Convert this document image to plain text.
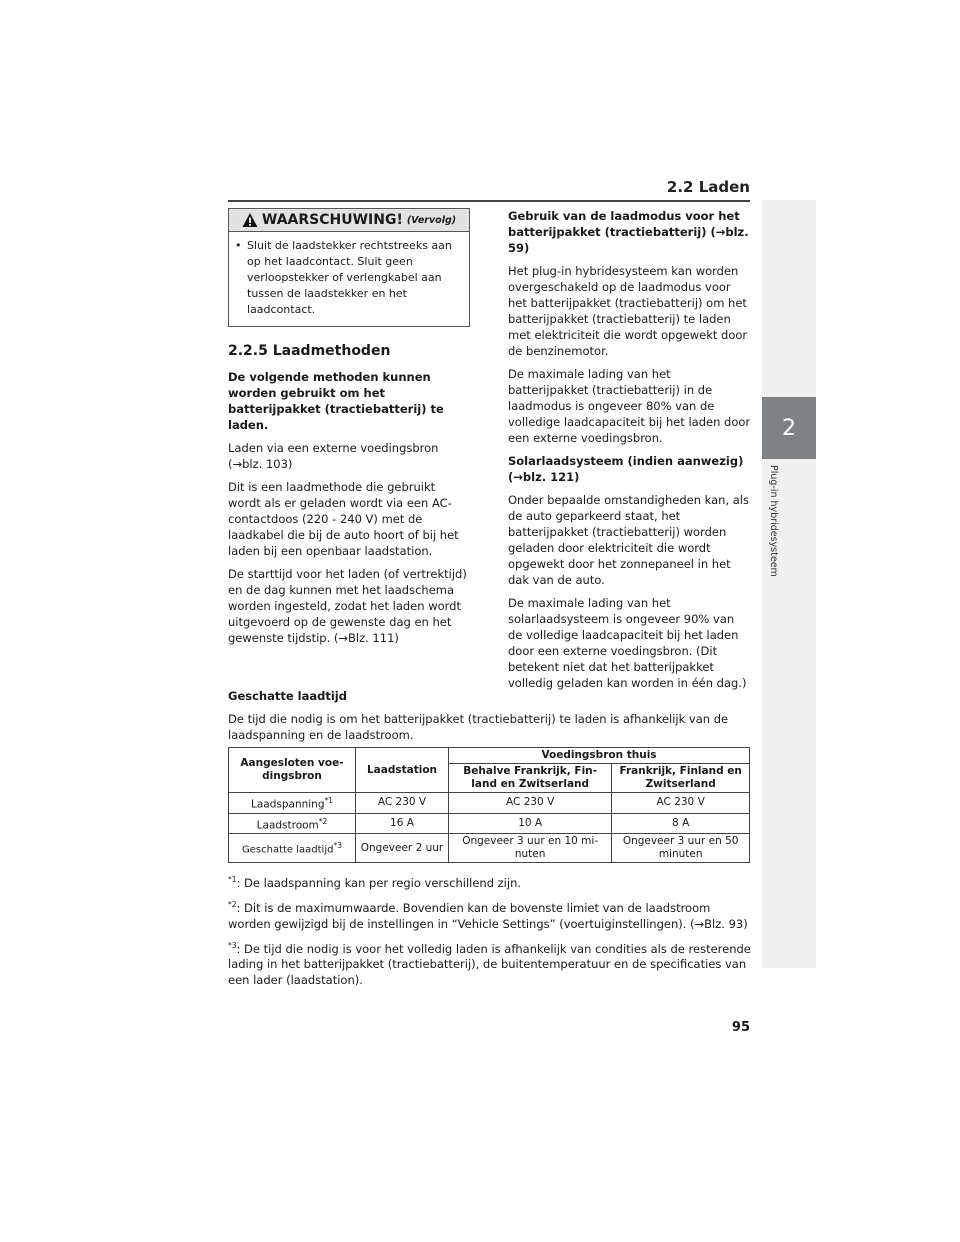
2.2 Laden
2
Plug-in hybridesysteem
WAARSCHUWING! (Vervolg)
• Sluit de laadstekker rechtstreeks aan op het laadcontact. Sluit geen verloopstekker of verlengkabel aan tussen de laadstekker en het laadcontact.
2.2.5 Laadmethoden

De volgende methoden kunnen worden gebruikt om het batterijpakket (tractiebatterij) te laden.

Laden via een externe voedingsbron (→blz. 103)

Dit is een laadmethode die gebruikt wordt als er geladen wordt via een AC-contactdoos (220 - 240 V) met de laadkabel die bij de auto hoort of bij het laden bij een openbaar laadstation.

De starttijd voor het laden (of vertrektijd) en de dag kunnen met het laadschema worden ingesteld, zodat het laden wordt uitgevoerd op de gewenste dag en het gewenste tijdstip. (→Blz. 111)

Gebruik van de laadmodus voor het batterijpakket (tractiebatterij) (→blz. 59)

Het plug-in hybridesysteem kan worden overgeschakeld op de laadmodus voor het batterijpakket (tractiebatterij) om het batterijpakket (tractiebatterij) te laden met elektriciteit die wordt opgewekt door de benzinemotor.

De maximale lading van het batterijpakket (tractiebatterij) in de laadmodus is ongeveer 80% van de volledige laadcapaciteit bij het laden door een externe voedingsbron.

Solarlaadsysteem (indien aanwezig) (→blz. 121)

Onder bepaalde omstandigheden kan, als de auto geparkeerd staat, het batterijpakket (tractiebatterij) worden geladen door elektriciteit die wordt opgewekt door het zonnepaneel in het dak van de auto.

De maximale lading van het solarlaadsysteem is ongeveer 90% van de volledige laadcapaciteit bij het laden door een externe voedingsbron. (Dit betekent niet dat het batterijpakket volledig geladen kan worden in één dag.)

Geschatte laadtijd

De tijd die nodig is om het batterijpakket (tractiebatterij) te laden is afhankelijk van de laadspanning en de laadstroom.

Aangesloten voe-dingsbron	Laadstation	Voedingsbron thuis	
		Behalve Frankrijk, Fin-land en Zwitserland	Frankrijk, Finland en Zwitserland
Laadspanning$^{*1}$	AC 230 V	AC 230 V	AC 230 V
Laadstroom$^{*2}$	16 A	10 A	8 A
Geschatte laadtijd$^{*3}$	Ongeveer 2 uur	Ongeveer 3 uur en 10 mi-nuten	Ongeveer 3 uur en 50 minuten
$^{*1}$: De laadspanning kan per regio verschillend zijn.
$^{*2}$: Dit is de maximumwaarde. Bovendien kan de bovenste limiet van de laadstroom worden gewijzigd bij de instellingen in “Vehicle Settings” (voertuiginstellingen). (→Blz. 93)
$^{*3}$: De tijd die nodig is voor het volledig laden is afhankelijk van condities als de resterende lading in het batterijpakket (tractiebatterij), de buitentemperatuur en de specificaties van een lader (laadstation).
95
